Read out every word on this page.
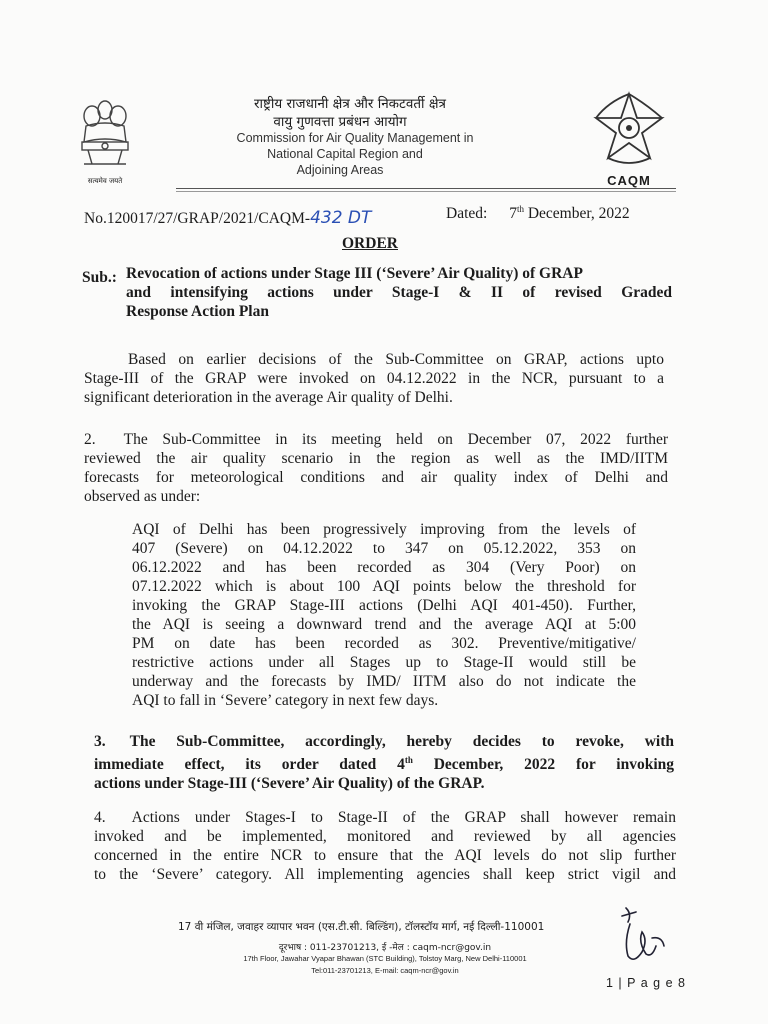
सत्यमेव जयते
राष्ट्रीय राजधानी क्षेत्र और निकटवर्ती क्षेत्र
वायु गुणवत्ता प्रबंधन आयोग
Commission for Air Quality Management in
National Capital Region and
Adjoining Areas
CAQM
No.120017/27/GRAP/2021/CAQM-432 DT	Dated: 7th December, 2022
ORDER
Sub.: Revocation of actions under Stage III (‘Severe’ Air Quality) of GRAP
and intensifying actions under Stage-I & II of revised Graded
Response Action Plan
Based on earlier decisions of the Sub-Committee on GRAP, actions upto
Stage-III of the GRAP were invoked on 04.12.2022 in the NCR, pursuant to a
significant deterioration in the average Air quality of Delhi.
2. The Sub-Committee in its meeting held on December 07, 2022 further
reviewed the air quality scenario in the region as well as the IMD/IITM
forecasts for meteorological conditions and air quality index of Delhi and
observed as under:
AQI of Delhi has been progressively improving from the levels of
407 (Severe) on 04.12.2022 to 347 on 05.12.2022, 353 on
06.12.2022 and has been recorded as 304 (Very Poor) on
07.12.2022 which is about 100 AQI points below the threshold for
invoking the GRAP Stage-III actions (Delhi AQI 401-450). Further,
the AQI is seeing a downward trend and the average AQI at 5:00
PM on date has been recorded as 302. Preventive/mitigative/
restrictive actions under all Stages up to Stage-II would still be
underway and the forecasts by IMD/ IITM also do not indicate the
AQI to fall in ‘Severe’ category in next few days.
3. The Sub-Committee, accordingly, hereby decides to revoke, with
immediate effect, its order dated 4th December, 2022 for invoking
actions under Stage-III (‘Severe’ Air Quality) of the GRAP.
4. Actions under Stages-I to Stage-II of the GRAP shall however remain
invoked and be implemented, monitored and reviewed by all agencies
concerned in the entire NCR to ensure that the AQI levels do not slip further
to the ‘Severe’ category. All implementing agencies shall keep strict vigil and
17 वी मंजिल, जवाहर व्यापार भवन (एस.टी.सी. बिल्डिंग), टॉलस्टॉय मार्ग, नई दिल्ली-110001
दूरभाष : 011-23701213, ई -मेल : caqm-ncr@gov.in
17th Floor, Jawahar Vyapar Bhawan (STC Building), Tolstoy Marg, New Delhi-110001
Tel:011-23701213, E-mail: caqm-ncr@gov.in
1 | P a g e 8
